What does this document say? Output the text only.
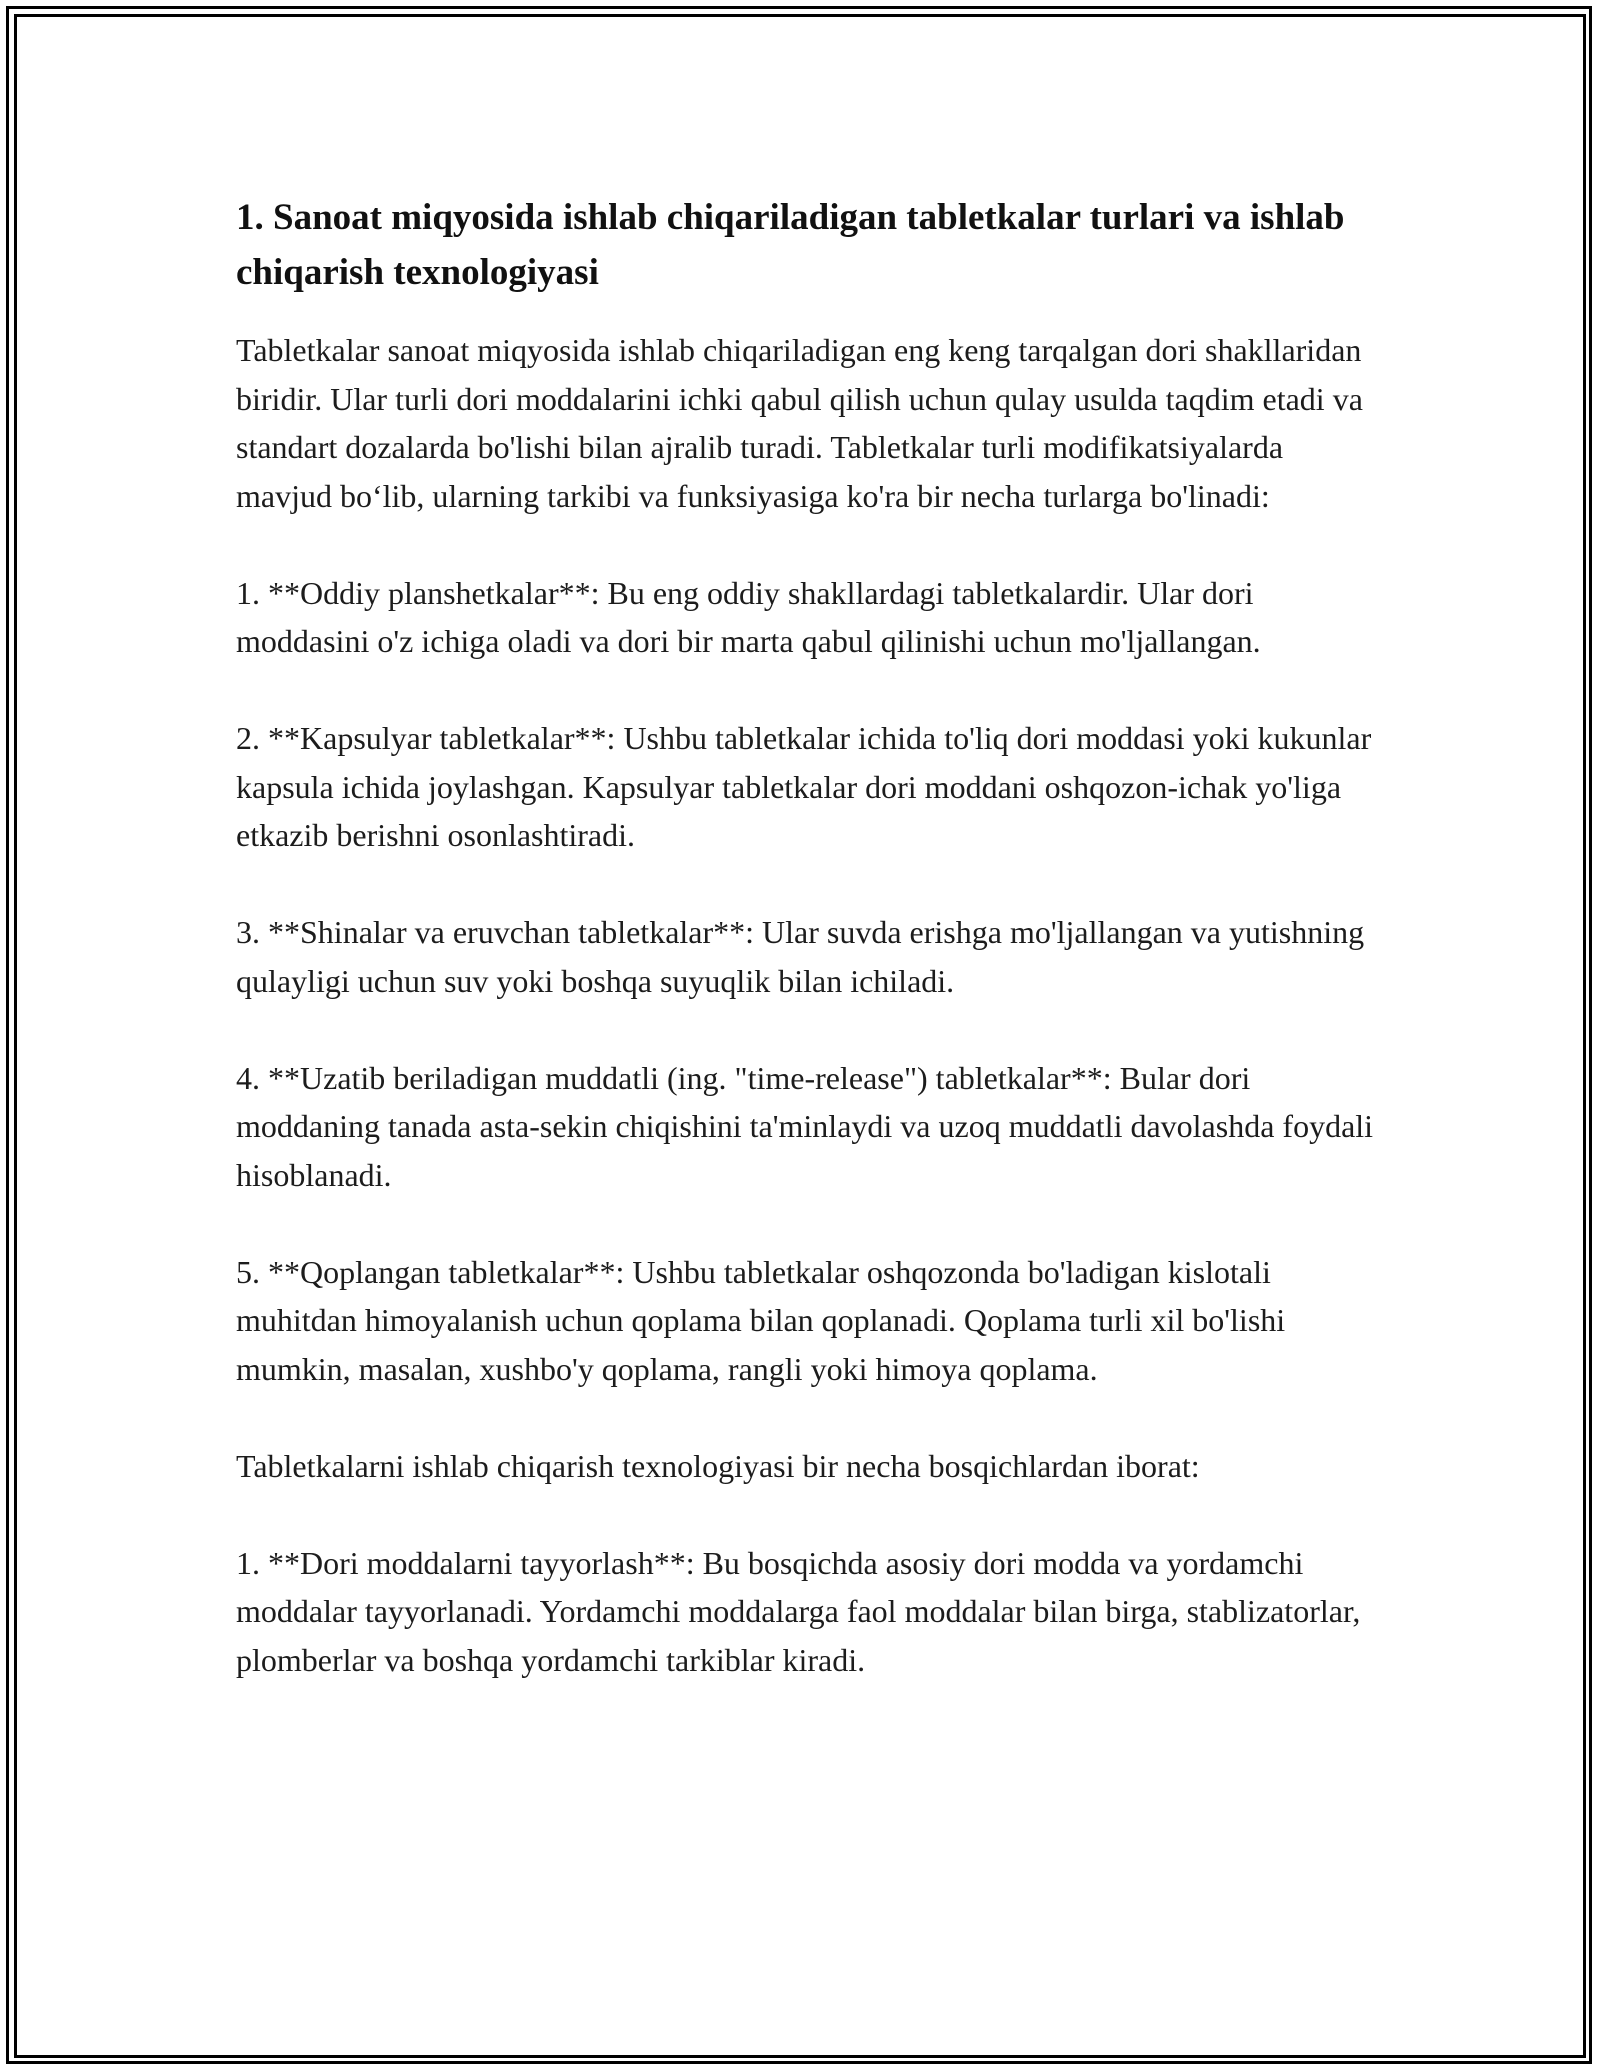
1. Sanoat miqyosida ishlab chiqariladigan tabletkalar turlari va ishlab chiqarish texnologiyasi

Tabletkalar sanoat miqyosida ishlab chiqariladigan eng keng tarqalgan dori shakllaridan biridir. Ular turli dori moddalarini ichki qabul qilish uchun qulay usulda taqdim etadi va standart dozalarda bo'lishi bilan ajralib turadi. Tabletkalar turli modifikatsiyalarda mavjud bo‘lib, ularning tarkibi va funksiyasiga ko'ra bir necha turlarga bo'linadi:

1. **Oddiy planshetkalar**: Bu eng oddiy shakllardagi tabletkalardir. Ular dori moddasini o'z ichiga oladi va dori bir marta qabul qilinishi uchun mo'ljallangan.

2. **Kapsulyar tabletkalar**: Ushbu tabletkalar ichida to'liq dori moddasi yoki kukunlar kapsula ichida joylashgan. Kapsulyar tabletkalar dori moddani oshqozon-ichak yo'liga etkazib berishni osonlashtiradi.

3. **Shinalar va eruvchan tabletkalar**: Ular suvda erishga mo'ljallangan va yutishning qulayligi uchun suv yoki boshqa suyuqlik bilan ichiladi.

4. **Uzatib beriladigan muddatli (ing. "time-release") tabletkalar**: Bular dori moddaning tanada asta-sekin chiqishini ta'minlaydi va uzoq muddatli davolashda foydali hisoblanadi.

5. **Qoplangan tabletkalar**: Ushbu tabletkalar oshqozonda bo'ladigan kislotali muhitdan himoyalanish uchun qoplama bilan qoplanadi. Qoplama turli xil bo'lishi mumkin, masalan, xushbo'y qoplama, rangli yoki himoya qoplama.

Tabletkalarni ishlab chiqarish texnologiyasi bir necha bosqichlardan iborat:

1. **Dori moddalarni tayyorlash**: Bu bosqichda asosiy dori modda va yordamchi moddalar tayyorlanadi. Yordamchi moddalarga faol moddalar bilan birga, stablizatorlar, plomberlar va boshqa yordamchi tarkiblar kiradi.
